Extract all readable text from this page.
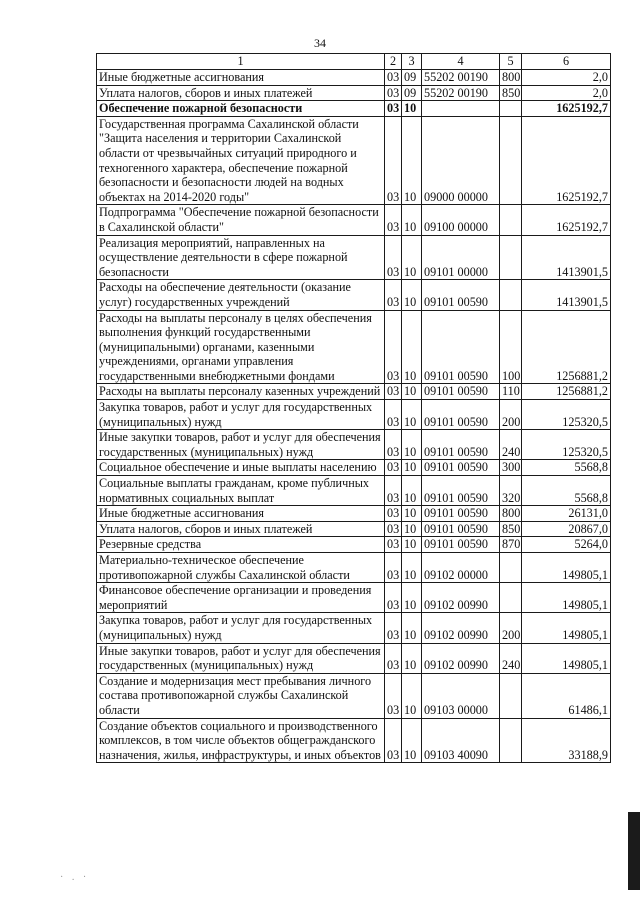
34
1	2	3	4	5	6
Иные бюджетные ассигнования	03	09	55202 00190	800	2,0
Уплата налогов, сборов и иных платежей	03	09	55202 00190	850	2,0
Обеспечение пожарной безопасности	03	10			1625192,7
Государственная программа Сахалинской области "Защита населения и территории Сахалинской области от чрезвычайных ситуаций природного и техногенного характера, обеспечение пожарной безопасности и безопасности людей на водных объектах на 2014-2020 годы"	03	10	09000 00000		1625192,7
Подпрограмма "Обеспечение пожарной безопасности в Сахалинской области"	03	10	09100 00000		1625192,7
Реализация мероприятий, направленных на осуществление деятельности в сфере пожарной безопасности	03	10	09101 00000		1413901,5
Расходы на обеспечение деятельности (оказание услуг) государственных учреждений	03	10	09101 00590		1413901,5
Расходы на выплаты персоналу в целях обеспечения выполнения функций государственными (муниципальными) органами, казенными учреждениями, органами управления государственными внебюджетными фондами	03	10	09101 00590	100	1256881,2
Расходы на выплаты персоналу казенных учреждений	03	10	09101 00590	110	1256881,2
Закупка товаров, работ и услуг для государственных (муниципальных) нужд	03	10	09101 00590	200	125320,5
Иные закупки товаров, работ и услуг для обеспечения государственных (муниципальных) нужд	03	10	09101 00590	240	125320,5
Социальное обеспечение и иные выплаты населению	03	10	09101 00590	300	5568,8
Социальные выплаты гражданам, кроме публичных нормативных социальных выплат	03	10	09101 00590	320	5568,8
Иные бюджетные ассигнования	03	10	09101 00590	800	26131,0
Уплата налогов, сборов и иных платежей	03	10	09101 00590	850	20867,0
Резервные средства	03	10	09101 00590	870	5264,0
Материально-техническое обеспечение противопожарной службы Сахалинской области	03	10	09102 00000		149805,1
Финансовое обеспечение организации и проведения мероприятий	03	10	09102 00990		149805,1
Закупка товаров, работ и услуг для государственных (муниципальных) нужд	03	10	09102 00990	200	149805,1
Иные закупки товаров, работ и услуг для обеспечения государственных (муниципальных) нужд	03	10	09102 00990	240	149805,1
Создание и модернизация мест пребывания личного состава противопожарной службы Сахалинской области	03	10	09103 00000		61486,1
Создание объектов социального и производственного комплексов, в том числе объектов общегражданского назначения, жилья, инфраструктуры, и иных объектов	03	10	09103 40090		33188,9
· . ·
